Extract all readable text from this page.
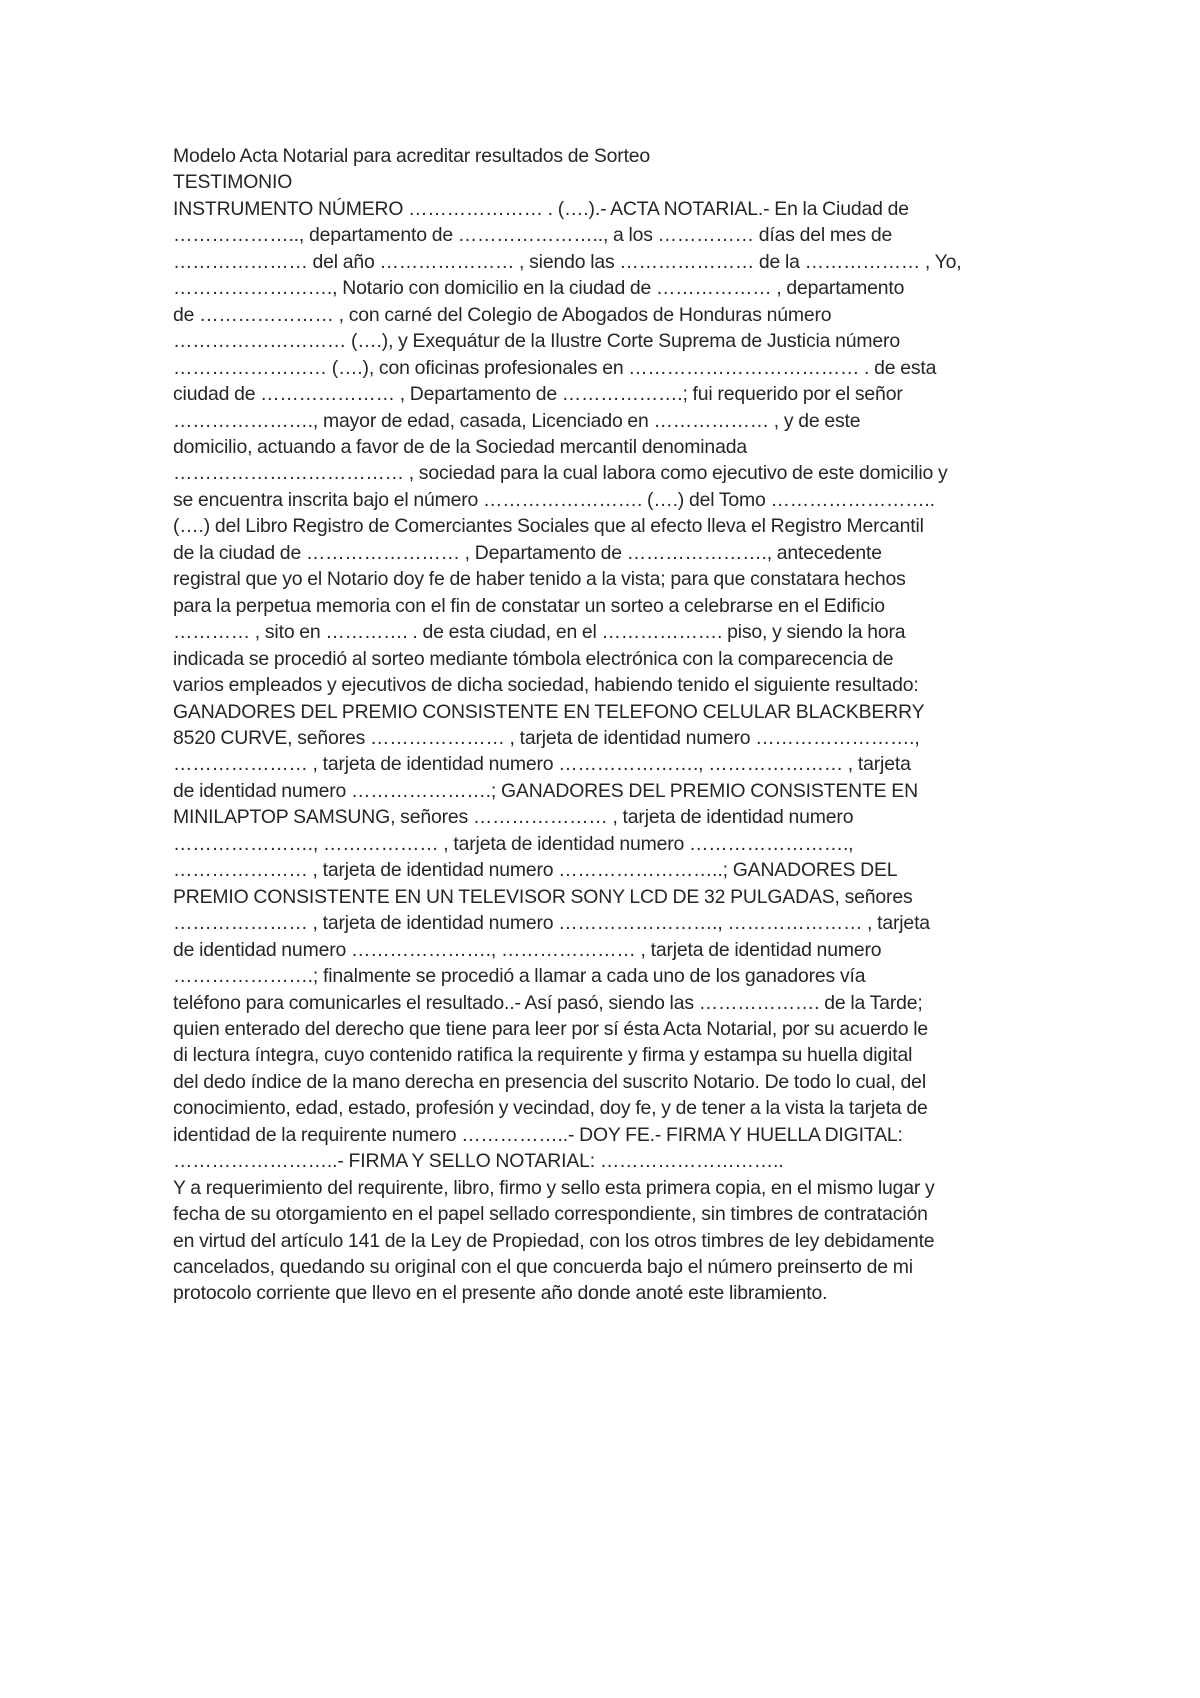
Modelo Acta Notarial para acreditar resultados de Sorteo
TESTIMONIO
INSTRUMENTO NÚMERO ………………… . (….).- ACTA NOTARIAL.- En la Ciudad de
……………….., departamento de ………………….., a los …………… días del mes de
………………… del año ………………… , siendo las ………………… de la ……………… , Yo,
……………………., Notario con domicilio en la ciudad de ……………… , departamento
de ………………… , con carné del Colegio de Abogados de Honduras número
……………………… (….), y Exequátur de la Ilustre Corte Suprema de Justicia número
…………………… (….), con oficinas profesionales en ……………………………… . de esta
ciudad de ………………… , Departamento de ……………….; fui requerido por el señor
…………………., mayor de edad, casada, Licenciado en ……………… , y de este
domicilio, actuando a favor de de la Sociedad mercantil denominada
……………………………… , sociedad para la cual labora como ejecutivo de este domicilio y
se encuentra inscrita bajo el número ……………………. (….) del Tomo ……………………..
(….) del Libro Registro de Comerciantes Sociales que al efecto lleva el Registro Mercantil
de la ciudad de …………………… , Departamento de …………………., antecedente
registral que yo el Notario doy fe de haber tenido a la vista; para que constatara hechos
para la perpetua memoria con el fin de constatar un sorteo a celebrarse en el Edificio
………… , sito en …………. . de esta ciudad, en el ………………. piso, y siendo la hora
indicada se procedió al sorteo mediante tómbola electrónica con la comparecencia de
varios empleados y ejecutivos de dicha sociedad, habiendo tenido el siguiente resultado:
GANADORES DEL PREMIO CONSISTENTE EN TELEFONO CELULAR BLACKBERRY
8520 CURVE, señores ………………… , tarjeta de identidad numero …………………….,
………………… , tarjeta de identidad numero …………………., ………………… , tarjeta
de identidad numero ………………….; GANADORES DEL PREMIO CONSISTENTE EN
MINILAPTOP SAMSUNG, señores ………………… , tarjeta de identidad numero
…………………., ……………… , tarjeta de identidad numero …………………….,
………………… , tarjeta de identidad numero ……………………..; GANADORES DEL
PREMIO CONSISTENTE EN UN TELEVISOR SONY LCD DE 32 PULGADAS, señores
………………… , tarjeta de identidad numero ……………………., ………………… , tarjeta
de identidad numero …………………., ………………… , tarjeta de identidad numero
………………….; finalmente se procedió a llamar a cada uno de los ganadores vía
teléfono para comunicarles el resultado..- Así pasó, siendo las ………………. de la Tarde;
quien enterado del derecho que tiene para leer por sí ésta Acta Notarial, por su acuerdo le
di lectura íntegra, cuyo contenido ratifica la requirente y firma y estampa su huella digital
del dedo índice de la mano derecha en presencia del suscrito Notario. De todo lo cual, del
conocimiento, edad, estado, profesión y vecindad, doy fe, y de tener a la vista la tarjeta de
identidad de la requirente numero ……………..- DOY FE.- FIRMA Y HUELLA DIGITAL:
……………………..- FIRMA Y SELLO NOTARIAL: ………………………..
Y a requerimiento del requirente, libro, firmo y sello esta primera copia, en el mismo lugar y
fecha de su otorgamiento en el papel sellado correspondiente, sin timbres de contratación
en virtud del artículo 141 de la Ley de Propiedad, con los otros timbres de ley debidamente
cancelados, quedando su original con el que concuerda bajo el número preinserto de mi
protocolo corriente que llevo en el presente año donde anoté este libramiento.
